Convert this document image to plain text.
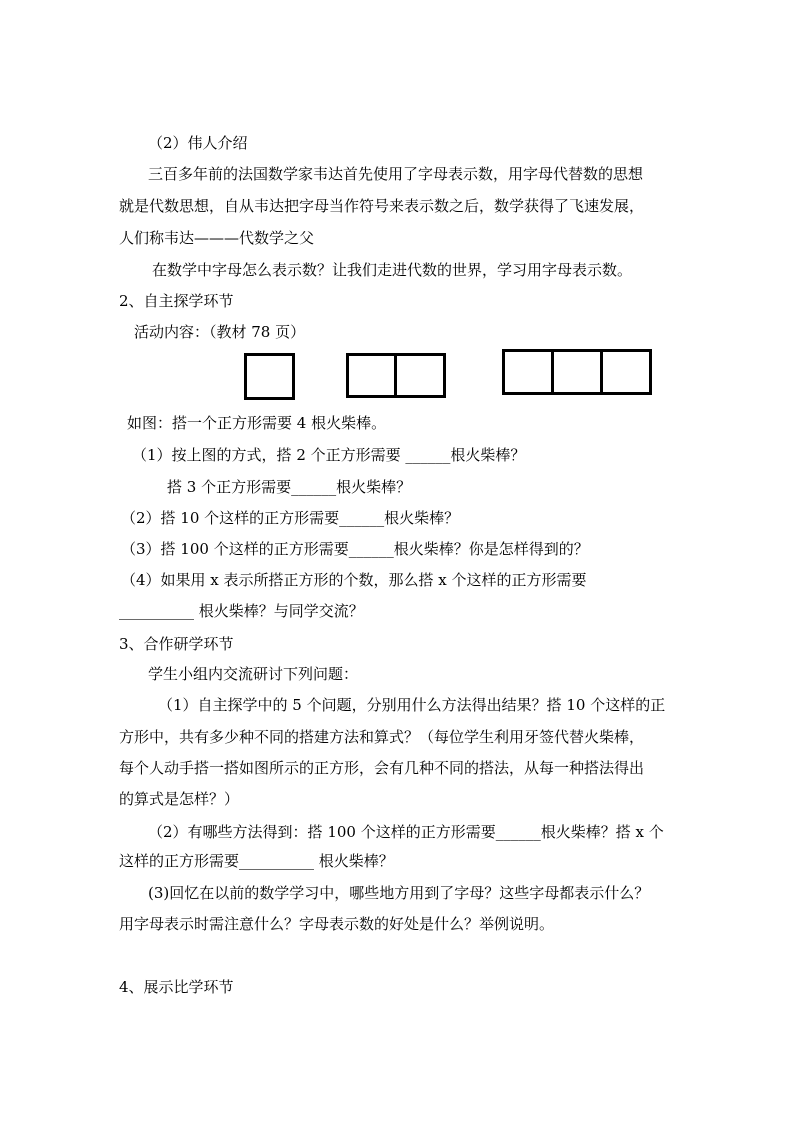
（2）伟人介绍
三百多年前的法国数学家韦达首先使用了字母表示数，用字母代替数的思想
就是代数思想，自从韦达把字母当作符号来表示数之后，数学获得了飞速发展，
人们称韦达———代数学之父
在数学中字母怎么表示数？让我们走进代数的世界，学习用字母表示数。
2、自主探学环节
活动内容：（教材 78 页）
如图：搭一个正方形需要 4 根火柴棒。
（1）按上图的方式，搭 2 个正方形需要 ______根火柴棒？
搭 3 个正方形需要______根火柴棒？
（2）搭 10 个这样的正方形需要______根火柴棒？
（3）搭 100 个这样的正方形需要______根火柴棒？你是怎样得到的？
（4）如果用 x 表示所搭正方形的个数，那么搭 x 个这样的正方形需要
__________ 根火柴棒？与同学交流？
3、合作研学环节
学生小组内交流研讨下列问题：
（1）自主探学中的 5 个问题，分别用什么方法得出结果？搭 10 个这样的正
方形中，共有多少种不同的搭建方法和算式？（每位学生利用牙签代替火柴棒，
每个人动手搭一搭如图所示的正方形，会有几种不同的搭法，从每一种搭法得出
的算式是怎样？）
（2）有哪些方法得到：搭 100 个这样的正方形需要______根火柴棒？搭 x 个
这样的正方形需要__________ 根火柴棒？
(3)回忆在以前的数学学习中，哪些地方用到了字母？这些字母都表示什么？
用字母表示时需注意什么？字母表示数的好处是什么？举例说明。
4、展示比学环节
